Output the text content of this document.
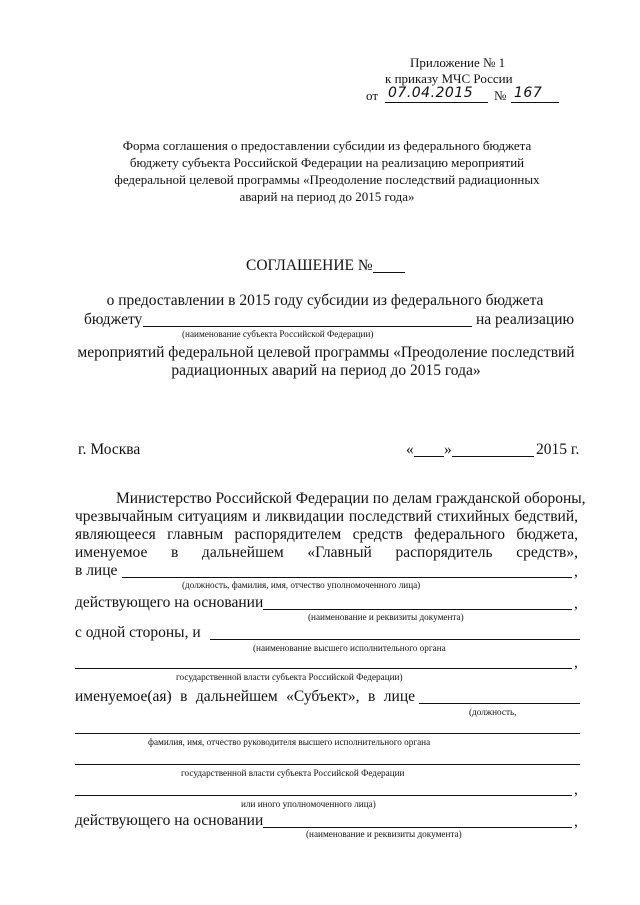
Приложение № 1
к приказу МЧС России
от 07.04.2015 № 167
Форма соглашения о предоставлении субсидии из федерального бюджета
бюджету субъекта Российской Федерации на реализацию мероприятий
федеральной целевой программы «Преодоление последствий радиационных
аварий на период до 2015 года»
СОГЛАШЕНИЕ №
о предоставлении в 2015 году субсидии из федерального бюджета
бюджету	на реализацию
(наименование субъекта Российской Федерации)
мероприятий федеральной целевой программы «Преодоление последствий
радиационных аварий на период до 2015 года»
г. Москва	« »	2015 г.
Министерство Российской Федерации по делам гражданской обороны,
чрезвычайным ситуациям и ликвидации последствий стихийных бедствий,
являющееся главным распорядителем средств федерального бюджета,
именуемое в дальнейшем «Главный распорядитель средств»,
в лице	,
(должность, фамилия, имя, отчество уполномоченного лица)
действующего на основании	,
(наименование и реквизиты документа)
с одной стороны, и
(наименование высшего исполнительного органа
,
государственной власти субъекта Российской Федерации)
именуемое(ая) в дальнейшем «Субъект», в лице
(должность,
фамилия, имя, отчество руководителя высшего исполнительного органа
государственной власти субъекта Российской Федерации
,
или иного уполномоченного лица)
действующего на основании	,
(наименование и реквизиты документа)
